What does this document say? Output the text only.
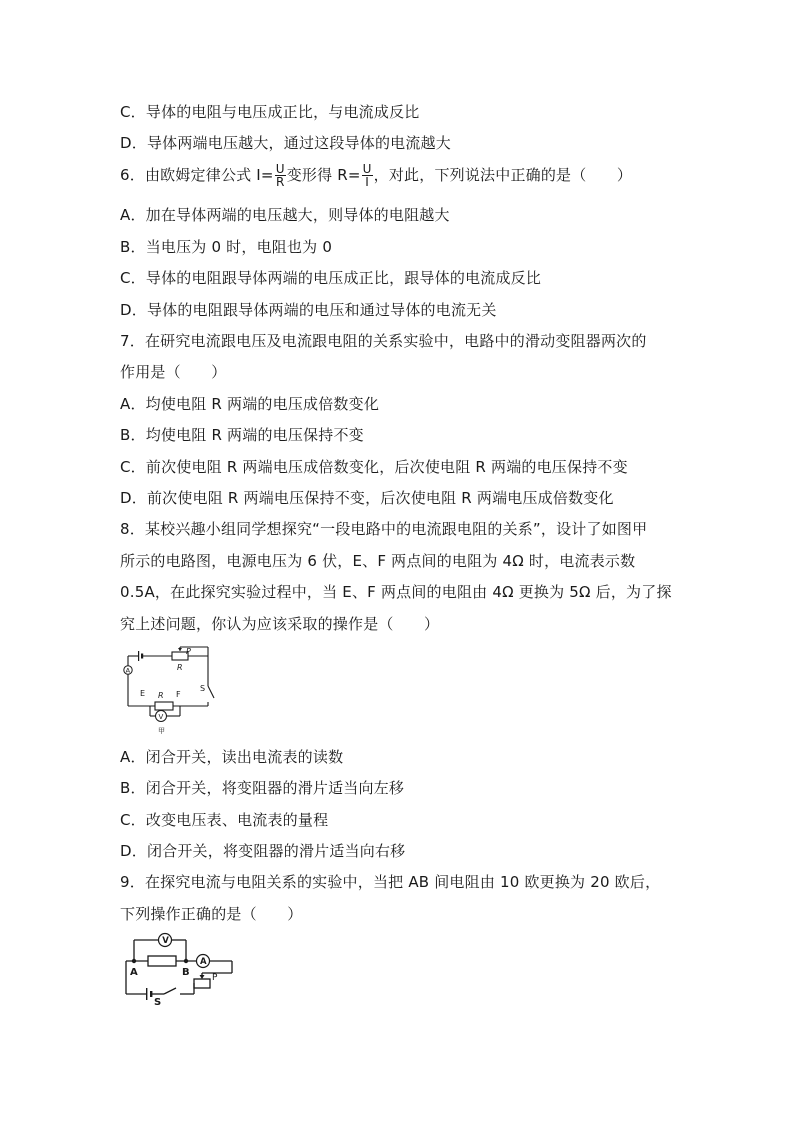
C．导体的电阻与电压成正比，与电流成反比
D．导体两端电压越大，通过这段导体的电流越大
6．由欧姆定律公式 $I= \frac{U}{R}$ 变形得 $R= \frac{U}{I}$ ，对此，下列说法中正确的是（　　）
A．加在导体两端的电压越大，则导体的电阻越大
B．当电压为 0 时，电阻也为 0
C．导体的电阻跟导体两端的电压成正比，跟导体的电流成反比
D．导体的电阻跟导体两端的电压和通过导体的电流无关
7．在研究电流跟电压及电流跟电阻的关系实验中，电路中的滑动变阻器两次的
作用是（　　）
A．均使电阻 R 两端的电压成倍数变化
B．均使电阻 R 两端的电压保持不变
C．前次使电阻 R 两端电压成倍数变化，后次使电阻 R 两端的电压保持不变
D．前次使电阻 R 两端电压保持不变，后次使电阻 R 两端电压成倍数变化
8．某校兴趣小组同学想探究“一段电路中的电流跟电阻的关系”，设计了如图甲
所示的电路图，电源电压为 6 伏，E、F 两点间的电阻为 4Ω 时，电流表示数
0.5A，在此探究实验过程中，当 E、F 两点间的电阻由 4Ω 更换为 5Ω 后，为了探
究上述问题，你认为应该采取的操作是（　　）
P
R
A
E R F
S
V
甲
A．闭合开关，读出电流表的读数
B．闭合开关，将变阻器的滑片适当向左移
C．改变电压表、电流表的量程
D．闭合开关，将变阻器的滑片适当向右移
9．在探究电流与电阻关系的实验中，当把 AB 间电阻由 10 欧更换为 20 欧后，
下列操作正确的是（　　）
V
A	B
A
P
S
